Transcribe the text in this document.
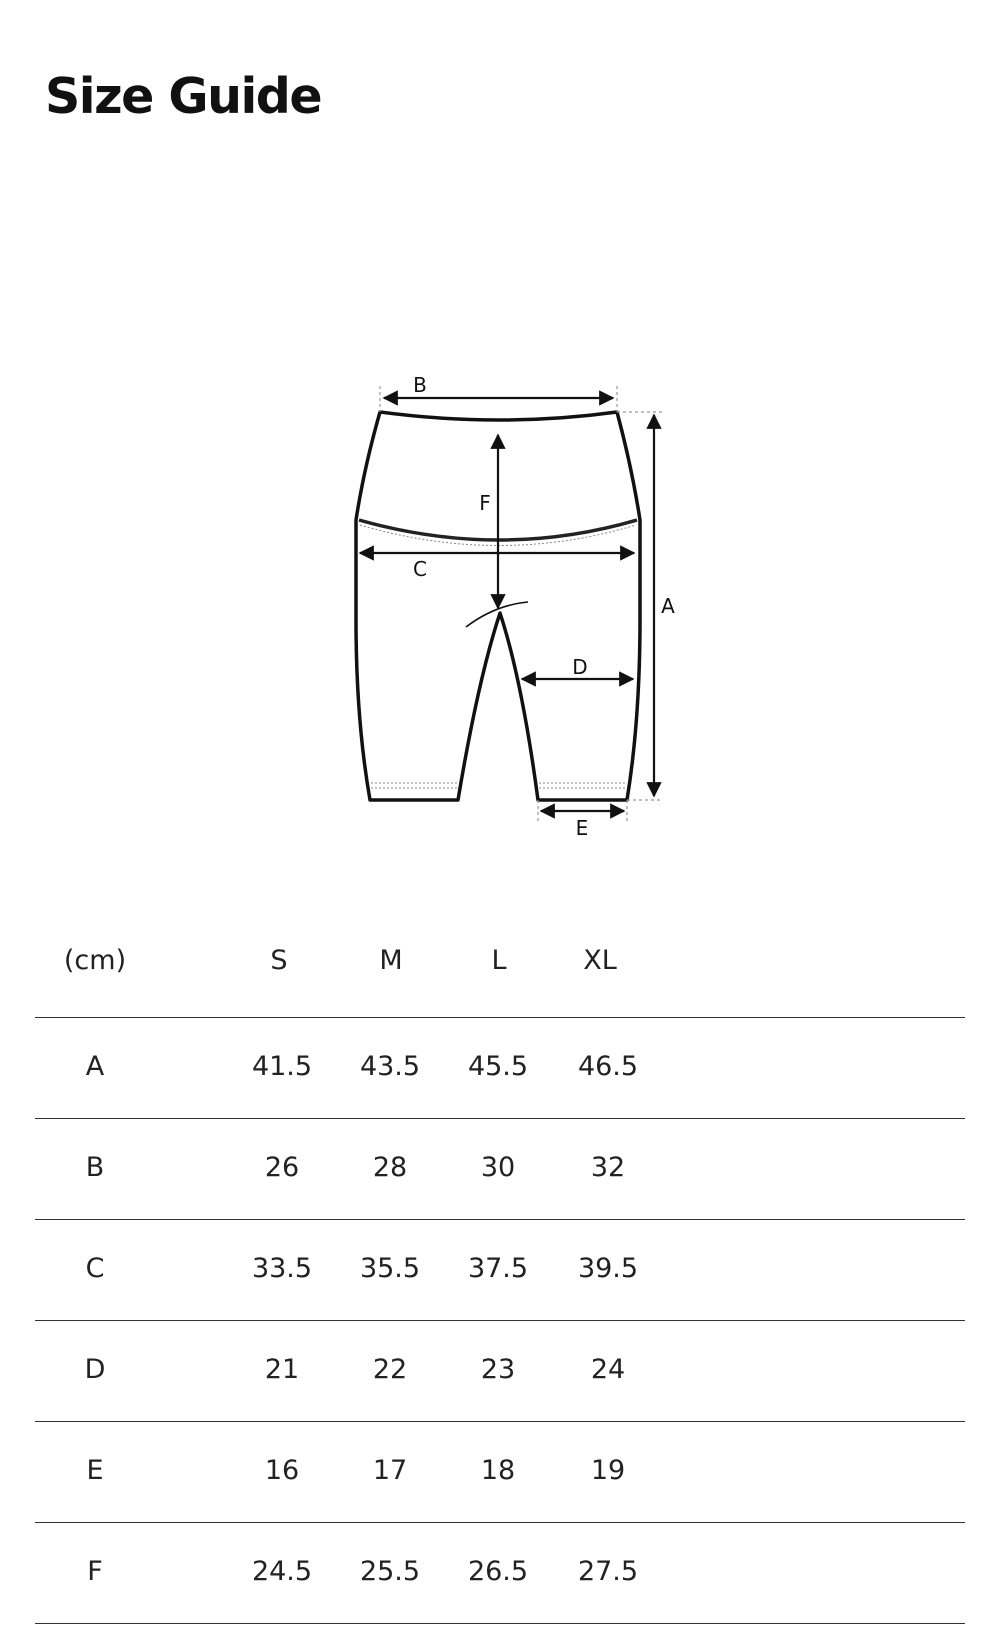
Size Guide
B
F
C
A
D
E
(cm)	S	M	L	XL
A	41.5 43.5 45.5 46.5
B	26	28	30	32
C	33.5 35.5 37.5 39.5
D	21	22	23	24
E	16	17	18	19
F	24.5 25.5 26.5 27.5
